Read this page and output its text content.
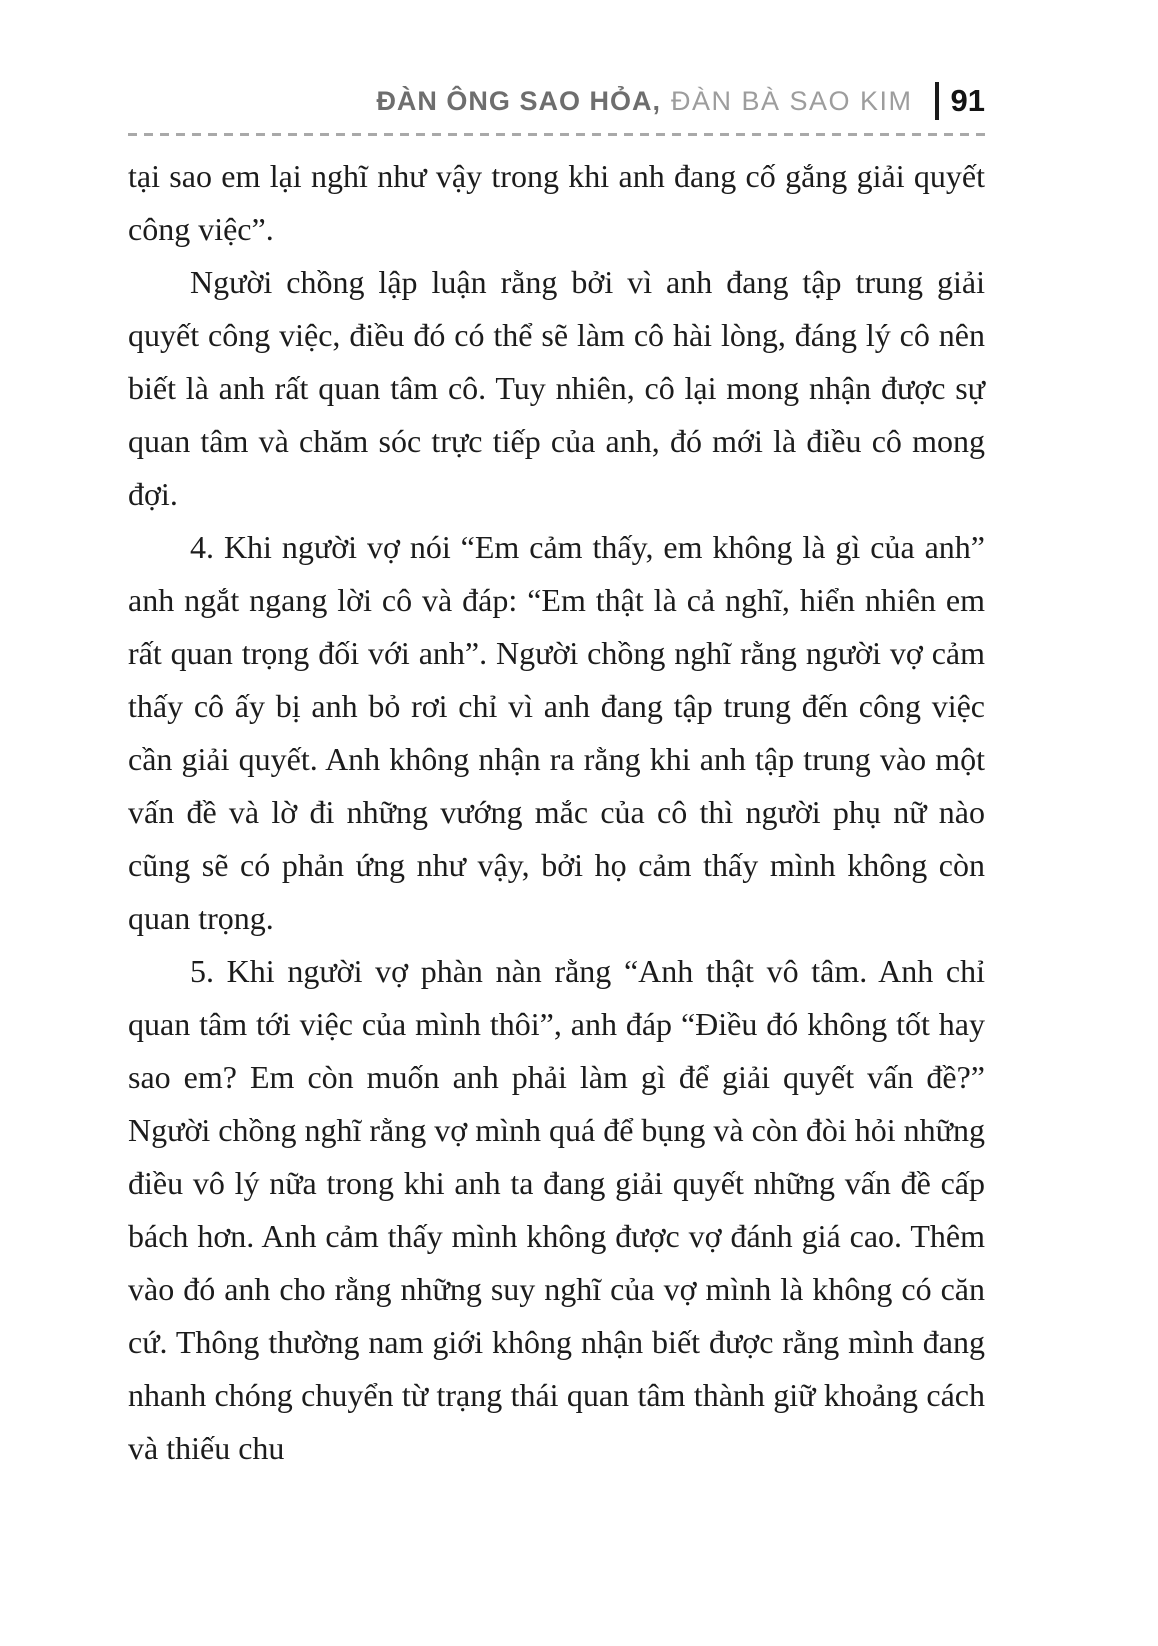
ĐÀN ÔNG SAO HỎA, ĐÀN BÀ SAO KIM 91

tại sao em lại nghĩ như vậy trong khi anh đang cố gắng giải quyết công việc”.

Người chồng lập luận rằng bởi vì anh đang tập trung giải quyết công việc, điều đó có thể sẽ làm cô hài lòng, đáng lý cô nên biết là anh rất quan tâm cô. Tuy nhiên, cô lại mong nhận được sự quan tâm và chăm sóc trực tiếp của anh, đó mới là điều cô mong đợi.

4. Khi người vợ nói “Em cảm thấy, em không là gì của anh” anh ngắt ngang lời cô và đáp: “Em thật là cả nghĩ, hiển nhiên em rất quan trọng đối với anh”. Người chồng nghĩ rằng người vợ cảm thấy cô ấy bị anh bỏ rơi chỉ vì anh đang tập trung đến công việc cần giải quyết. Anh không nhận ra rằng khi anh tập trung vào một vấn đề và lờ đi những vướng mắc của cô thì người phụ nữ nào cũng sẽ có phản ứng như vậy, bởi họ cảm thấy mình không còn quan trọng.

5. Khi người vợ phàn nàn rằng “Anh thật vô tâm. Anh chỉ quan tâm tới việc của mình thôi”, anh đáp “Điều đó không tốt hay sao em? Em còn muốn anh phải làm gì để giải quyết vấn đề?” Người chồng nghĩ rằng vợ mình quá để bụng và còn đòi hỏi những điều vô lý nữa trong khi anh ta đang giải quyết những vấn đề cấp bách hơn. Anh cảm thấy mình không được vợ đánh giá cao. Thêm vào đó anh cho rằng những suy nghĩ của vợ mình là không có căn cứ. Thông thường nam giới không nhận biết được rằng mình đang nhanh chóng chuyển từ trạng thái quan tâm thành giữ khoảng cách và thiếu chu
